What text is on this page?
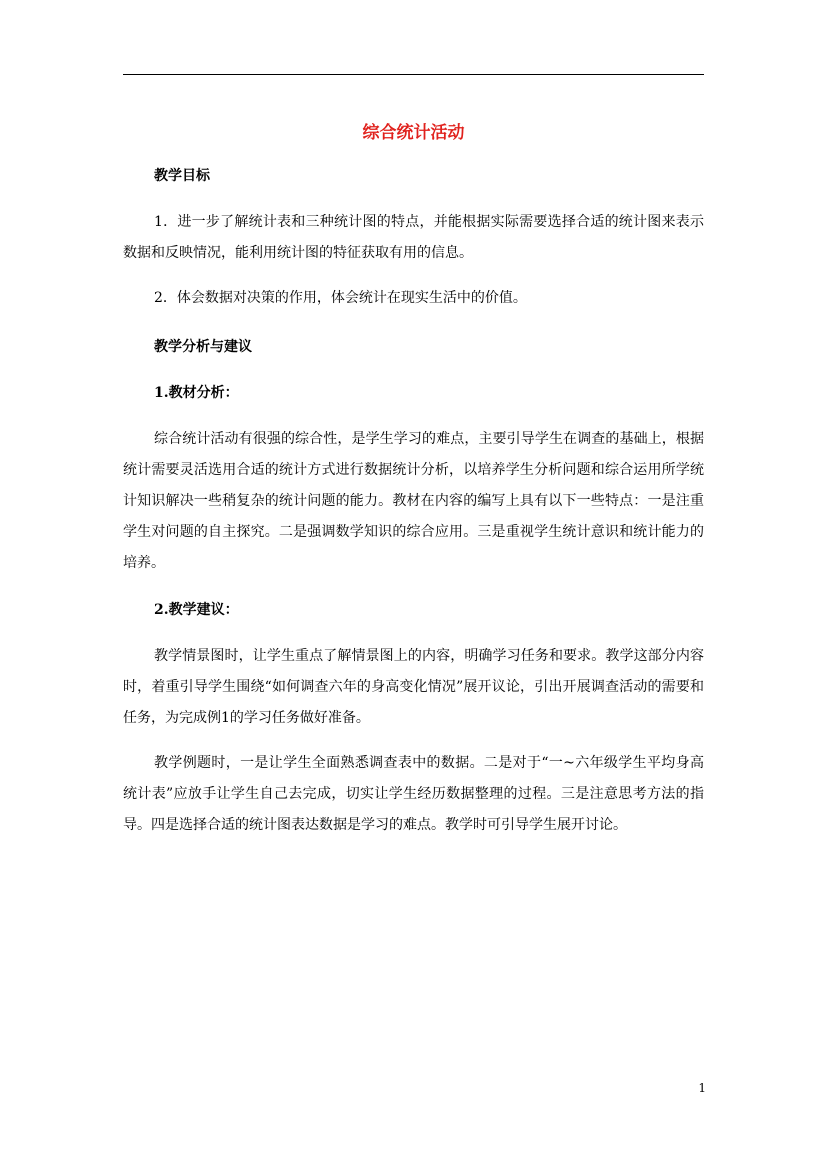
综合统计活动

教学目标

1．进一步了解统计表和三种统计图的特点，并能根据实际需要选择合适的统计图来表示数据和反映情况，能利用统计图的特征获取有用的信息。

2．体会数据对决策的作用，体会统计在现实生活中的价值。

教学分析与建议

1.教材分析：

综合统计活动有很强的综合性，是学生学习的难点，主要引导学生在调查的基础上，根据统计需要灵活选用合适的统计方式进行数据统计分析，以培养学生分析问题和综合运用所学统计知识解决一些稍复杂的统计问题的能力。教材在内容的编写上具有以下一些特点：一是注重学生对问题的自主探究。二是强调数学知识的综合应用。三是重视学生统计意识和统计能力的培养。

2.教学建议：

教学情景图时，让学生重点了解情景图上的内容，明确学习任务和要求。教学这部分内容时，着重引导学生围绕“如何调查六年的身高变化情况”展开议论，引出开展调查活动的需要和任务，为完成例1的学习任务做好准备。

教学例题时，一是让学生全面熟悉调查表中的数据。二是对于“一~六年级学生平均身高统计表”应放手让学生自己去完成，切实让学生经历数据整理的过程。三是注意思考方法的指导。四是选择合适的统计图表达数据是学习的难点。教学时可引导学生展开讨论。

1
